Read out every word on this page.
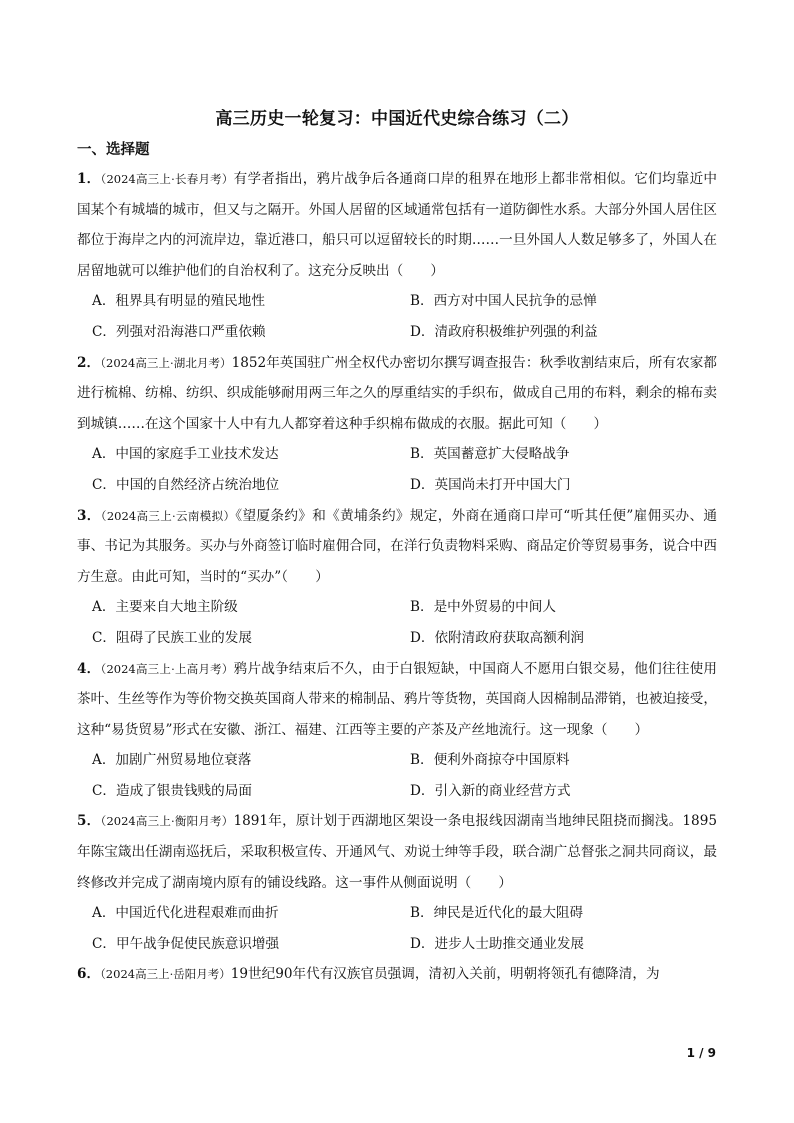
高三历史一轮复习：中国近代史综合练习（二）
一、选择题

1．（2024高三上·长春月考）有学者指出，鸦片战争后各通商口岸的租界在地形上都非常相似。它们均靠近中国某个有城墙的城市，但又与之隔开。外国人居留的区域通常包括有一道防御性水系。大部分外国人居住区都位于海岸之内的河流岸边，靠近港口，船只可以逗留较长的时期……一旦外国人人数足够多了，外国人在居留地就可以维护他们的自治权利了。这充分反映出（　　）

A．租界具有明显的殖民地性	B．西方对中国人民抗争的忌惮
C．列强对沿海港口严重依赖	D．清政府积极维护列强的利益

2．（2024高三上·湖北月考）1852年英国驻广州全权代办密切尔撰写调查报告：秋季收割结束后，所有农家都进行梳棉、纺棉、纺织、织成能够耐用两三年之久的厚重结实的手织布，做成自己用的布料，剩余的棉布卖到城镇……在这个国家十人中有九人都穿着这种手织棉布做成的衣服。据此可知（　　）

A．中国的家庭手工业技术发达	B．英国蓄意扩大侵略战争
C．中国的自然经济占统治地位	D．英国尚未打开中国大门

3．（2024高三上·云南模拟）《望厦条约》和《黄埔条约》规定，外商在通商口岸可“听其任便”雇佣买办、通事、书记为其服务。买办与外商签订临时雇佣合同，在洋行负责物料采购、商品定价等贸易事务，说合中西方生意。由此可知，当时的“买办”（　　）

A．主要来自大地主阶级	B．是中外贸易的中间人
C．阻碍了民族工业的发展	D．依附清政府获取高额利润

4．（2024高三上·上高月考）鸦片战争结束后不久，由于白银短缺，中国商人不愿用白银交易，他们往往使用茶叶、生丝等作为等价物交换英国商人带来的棉制品、鸦片等货物，英国商人因棉制品滞销，也被迫接受，这种“易货贸易”形式在安徽、浙江、福建、江西等主要的产茶及产丝地流行。这一现象（　　）

A．加剧广州贸易地位衰落	B．便利外商掠夺中国原料
C．造成了银贵钱贱的局面	D．引入新的商业经营方式

5．（2024高三上·衡阳月考）1891年，原计划于西湖地区架设一条电报线因湖南当地绅民阻挠而搁浅。1895年陈宝箴出任湖南巡抚后，采取积极宣传、开通风气、劝说士绅等手段，联合湖广总督张之洞共同商议，最终修改并完成了湖南境内原有的铺设线路。这一事件从侧面说明（　　）

A．中国近代化进程艰难而曲折	B．绅民是近代化的最大阻碍
C．甲午战争促使民族意识增强	D．进步人士助推交通业发展

6．（2024高三上·岳阳月考）19世纪90年代有汉族官员强调，清初入关前，明朝将领孔有德降清，为

1 / 9
